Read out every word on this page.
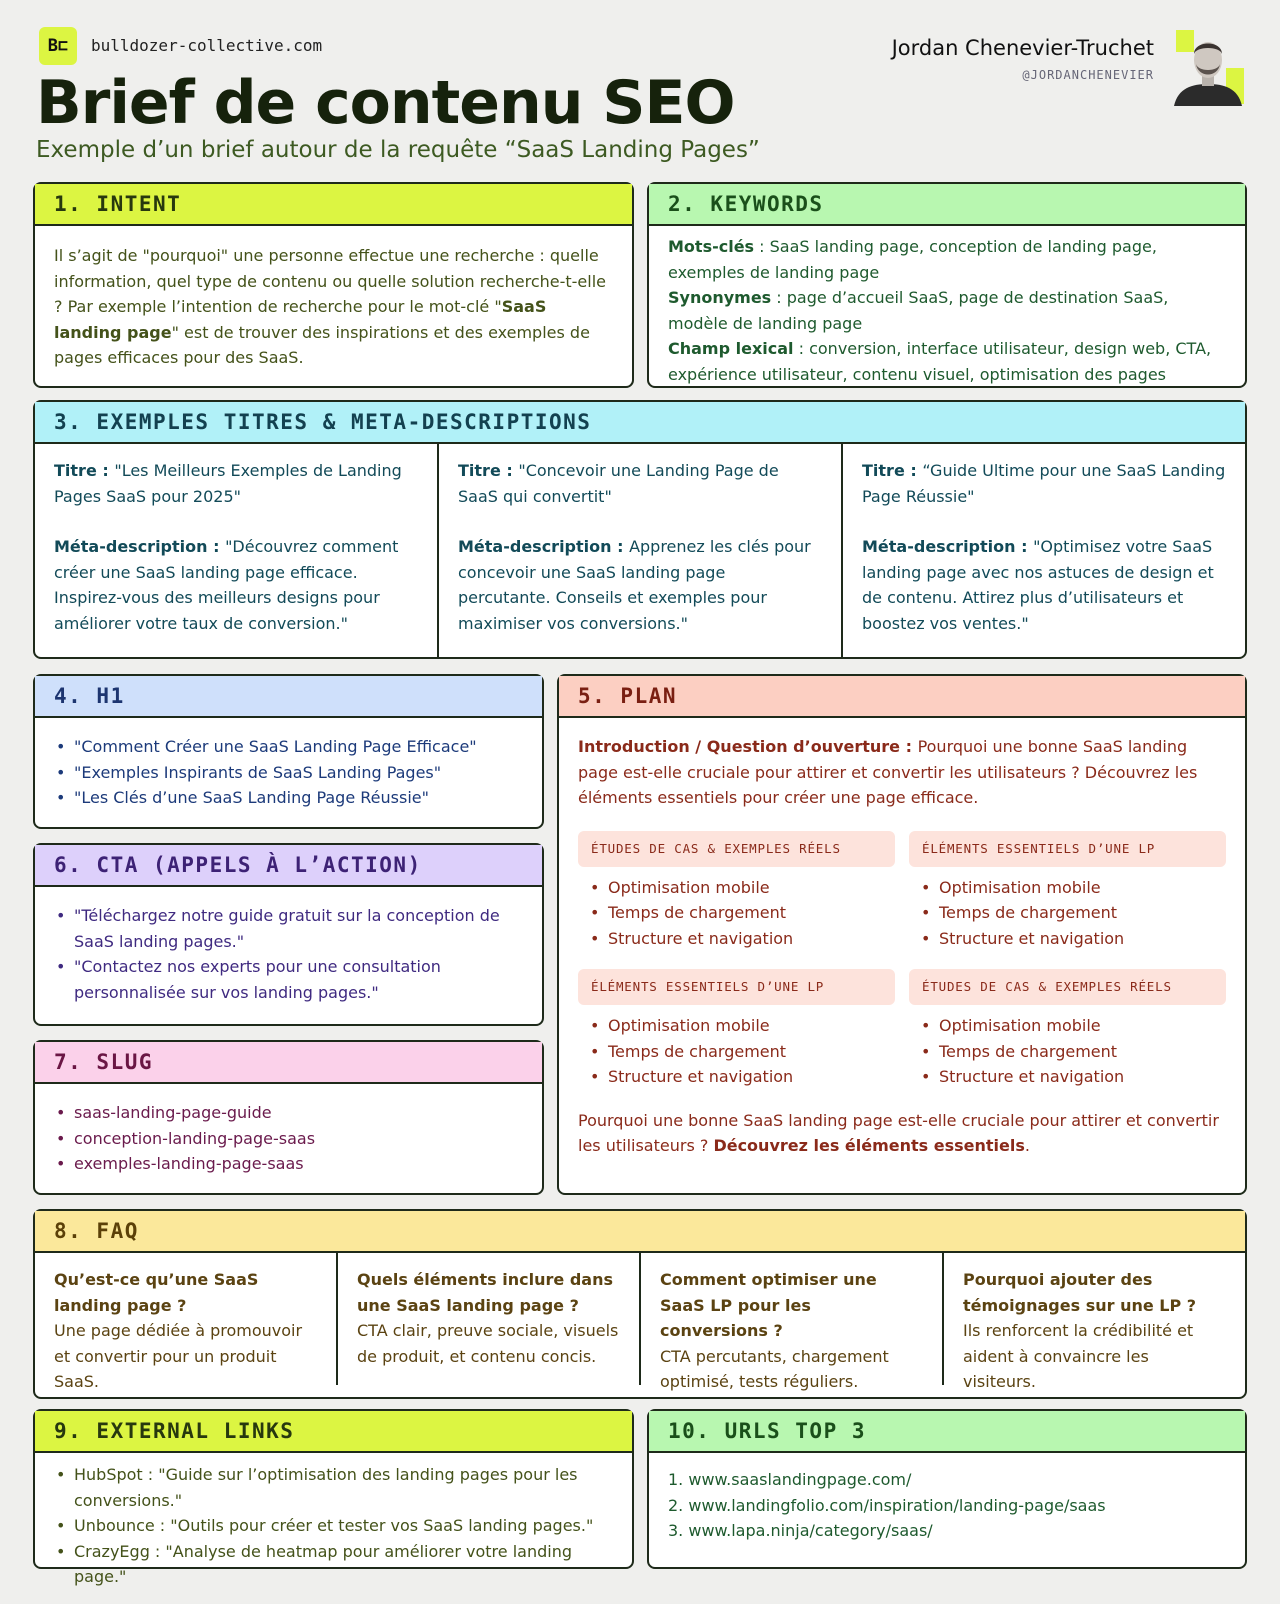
B⊏	bulldozer-collective.com
Brief de contenu SEO
Exemple d’un brief autour de la requête “SaaS Landing Pages”
Jordan Chenevier-Truchet
@JORDANCHENEVIER
1. INTENT
Il s’agit de "pourquoi" une personne effectue une recherche : quelle information, quel type de contenu ou quelle solution recherche-t-elle ? Par exemple l’intention de recherche pour le mot-clé "SaaS landing page" est de trouver des inspirations et des exemples de pages efficaces pour des SaaS.
2. KEYWORDS
Mots-clés : SaaS landing page, conception de landing page, exemples de landing page
Synonymes : page d’accueil SaaS, page de destination SaaS, modèle de landing page
Champ lexical : conversion, interface utilisateur, design web, CTA, expérience utilisateur, contenu visuel, optimisation des pages
3. EXEMPLES TITRES & META-DESCRIPTIONS
Titre : "Les Meilleurs Exemples de Landing Pages SaaS pour 2025"
Méta-description : "Découvrez comment créer une SaaS landing page efficace. Inspirez-vous des meilleurs designs pour améliorer votre taux de conversion."
Titre : "Concevoir une Landing Page de SaaS qui convertit"
Méta-description : Apprenez les clés pour concevoir une SaaS landing page percutante. Conseils et exemples pour maximiser vos conversions."
Titre : “Guide Ultime pour une SaaS Landing Page Réussie"
Méta-description : "Optimisez votre SaaS landing page avec nos astuces de design et de contenu. Attirez plus d’utilisateurs et boostez vos ventes."
4. H1
• "Comment Créer une SaaS Landing Page Efficace"
• "Exemples Inspirants de SaaS Landing Pages"
• "Les Clés d’une SaaS Landing Page Réussie"
6. CTA (APPELS À L’ACTION)
• "Téléchargez notre guide gratuit sur la conception de SaaS landing pages."
• "Contactez nos experts pour une consultation personnalisée sur vos landing pages."
7. SLUG
• saas-landing-page-guide
• conception-landing-page-saas
• exemples-landing-page-saas
5. PLAN
Introduction / Question d’ouverture : Pourquoi une bonne SaaS landing page est-elle cruciale pour attirer et convertir les utilisateurs ? Découvrez les éléments essentiels pour créer une page efficace.
ÉTUDES DE CAS & EXEMPLES RÉELS
• Optimisation mobile
• Temps de chargement
• Structure et navigation
ÉLÉMENTS ESSENTIELS D’UNE LP
• Optimisation mobile
• Temps de chargement
• Structure et navigation
ÉLÉMENTS ESSENTIELS D’UNE LP
• Optimisation mobile
• Temps de chargement
• Structure et navigation
ÉTUDES DE CAS & EXEMPLES RÉELS
• Optimisation mobile
• Temps de chargement
• Structure et navigation
Pourquoi une bonne SaaS landing page est-elle cruciale pour attirer et convertir les utilisateurs ? Découvrez les éléments essentiels.
8. FAQ
Qu’est-ce qu’une SaaS landing page ?
Une page dédiée à promouvoir et convertir pour un produit SaaS.
Quels éléments inclure dans une SaaS landing page ?
CTA clair, preuve sociale, visuels de produit, et contenu concis.
Comment optimiser une SaaS LP pour les conversions ?
CTA percutants, chargement optimisé, tests réguliers.
Pourquoi ajouter des témoignages sur une LP ?
Ils renforcent la crédibilité et aident à convaincre les visiteurs.
9. EXTERNAL LINKS
• HubSpot : "Guide sur l’optimisation des landing pages pour les conversions."
• Unbounce : "Outils pour créer et tester vos SaaS landing pages."
• CrazyEgg : "Analyse de heatmap pour améliorer votre landing page."
10. URLS TOP 3
1. www.saaslandingpage.com/
2. www.landingfolio.com/inspiration/landing-page/saas
3. www.lapa.ninja/category/saas/
